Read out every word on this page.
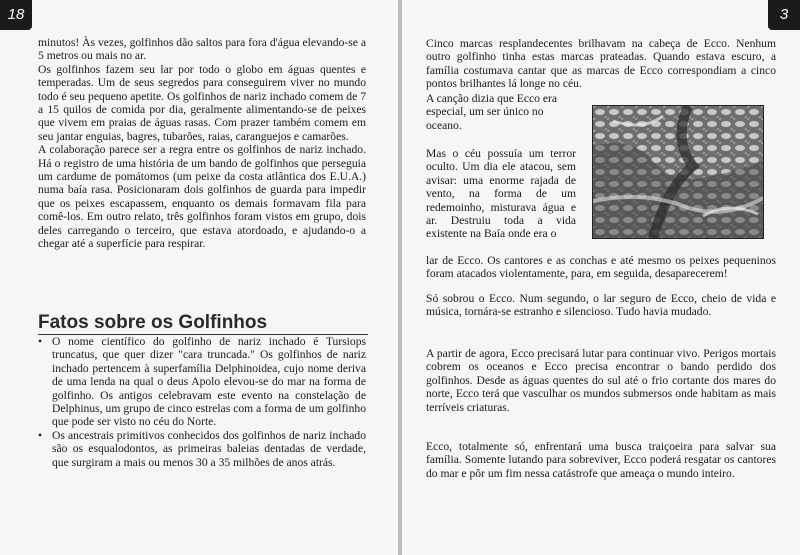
18

minutos! Às vezes, golfinhos dão saltos para fora d'água elevando-se a 5 metros ou mais no ar.

Os golfinhos fazem seu lar por todo o globo em águas quentes e temperadas. Um de seus segredos para conseguirem viver no mundo todo é seu pequeno apetite. Os golfinhos de nariz inchado comem de 7 a 15 quilos de comida por dia, geralmente alimentando-se de peixes que vivem em praias de águas rasas. Com prazer também comem em seu jantar enguias, bagres, tubarões, raias, caranguejos e camarões.

A colaboração parece ser a regra entre os golfinhos de nariz inchado. Há o registro de uma história de um bando de golfinhos que perseguia um cardume de pomátomos (um peixe da costa atlântica dos E.U.A.) numa baía rasa. Posicionaram dois golfinhos de guarda para impedir que os peixes escapassem, enquanto os demais formavam fila para comê-los. Em outro relato, três golfinhos foram vistos em grupo, dois deles carregando o terceiro, que estava atordoado, e ajudando-o a chegar até a superfície para respirar.

Fatos sobre os Golfinhos
• O nome científico do golfinho de nariz inchado é Tursiops truncatus, que quer dizer "cara truncada." Os golfinhos de nariz inchado pertencem à superfamília Delphinoidea, cujo nome deriva de uma lenda na qual o deus Apolo elevou-se do mar na forma de golfinho. Os antigos celebravam este evento na constelação de Delphinus, um grupo de cinco estrelas com a forma de um golfinho que pode ser visto no céu do Norte.
• Os ancestrais primitivos conhecidos dos golfinhos de nariz inchado são os esqualodontos, as primeiras baleias dentadas de verdade, que surgiram a mais ou menos 30 a 35 milhões de anos atrás.
3
Cinco marcas resplandecentes brilhavam na cabeça de Ecco. Nenhum outro golfinho tinha estas marcas prateadas. Quando estava escuro, a família costumava cantar que as marcas de Ecco correspondiam a cinco pontos brilhantes lá longe no céu.
A canção dizia que Ecco era especial, um ser único no oceano.
Mas o céu possuía um terror oculto. Um dia ele atacou, sem avisar: uma enorme rajada de vento, na forma de um redemoinho, misturava água e ar. Destruiu toda a vida existente na Baía onde era o
lar de Ecco. Os cantores e as conchas e até mesmo os peixes pequeninos foram atacados violentamente, para, em seguida, desaparecerem!
Só sobrou o Ecco. Num segundo, o lar seguro de Ecco, cheio de vida e música, tornára-se estranho e silencioso. Tudo havia mudado.
A partir de agora, Ecco precisará lutar para continuar vivo. Perigos mortais cobrem os oceanos e Ecco precisa encontrar o bando perdido dos golfinhos. Desde as águas quentes do sul até o frio cortante dos mares do norte, Ecco terá que vasculhar os mundos submersos onde habitam as mais terríveis criaturas.
Ecco, totalmente só, enfrentará uma busca traiçoeira para salvar sua família. Somente lutando para sobreviver, Ecco poderá resgatar os cantores do mar e pôr um fim nessa catástrofe que ameaça o mundo inteiro.
